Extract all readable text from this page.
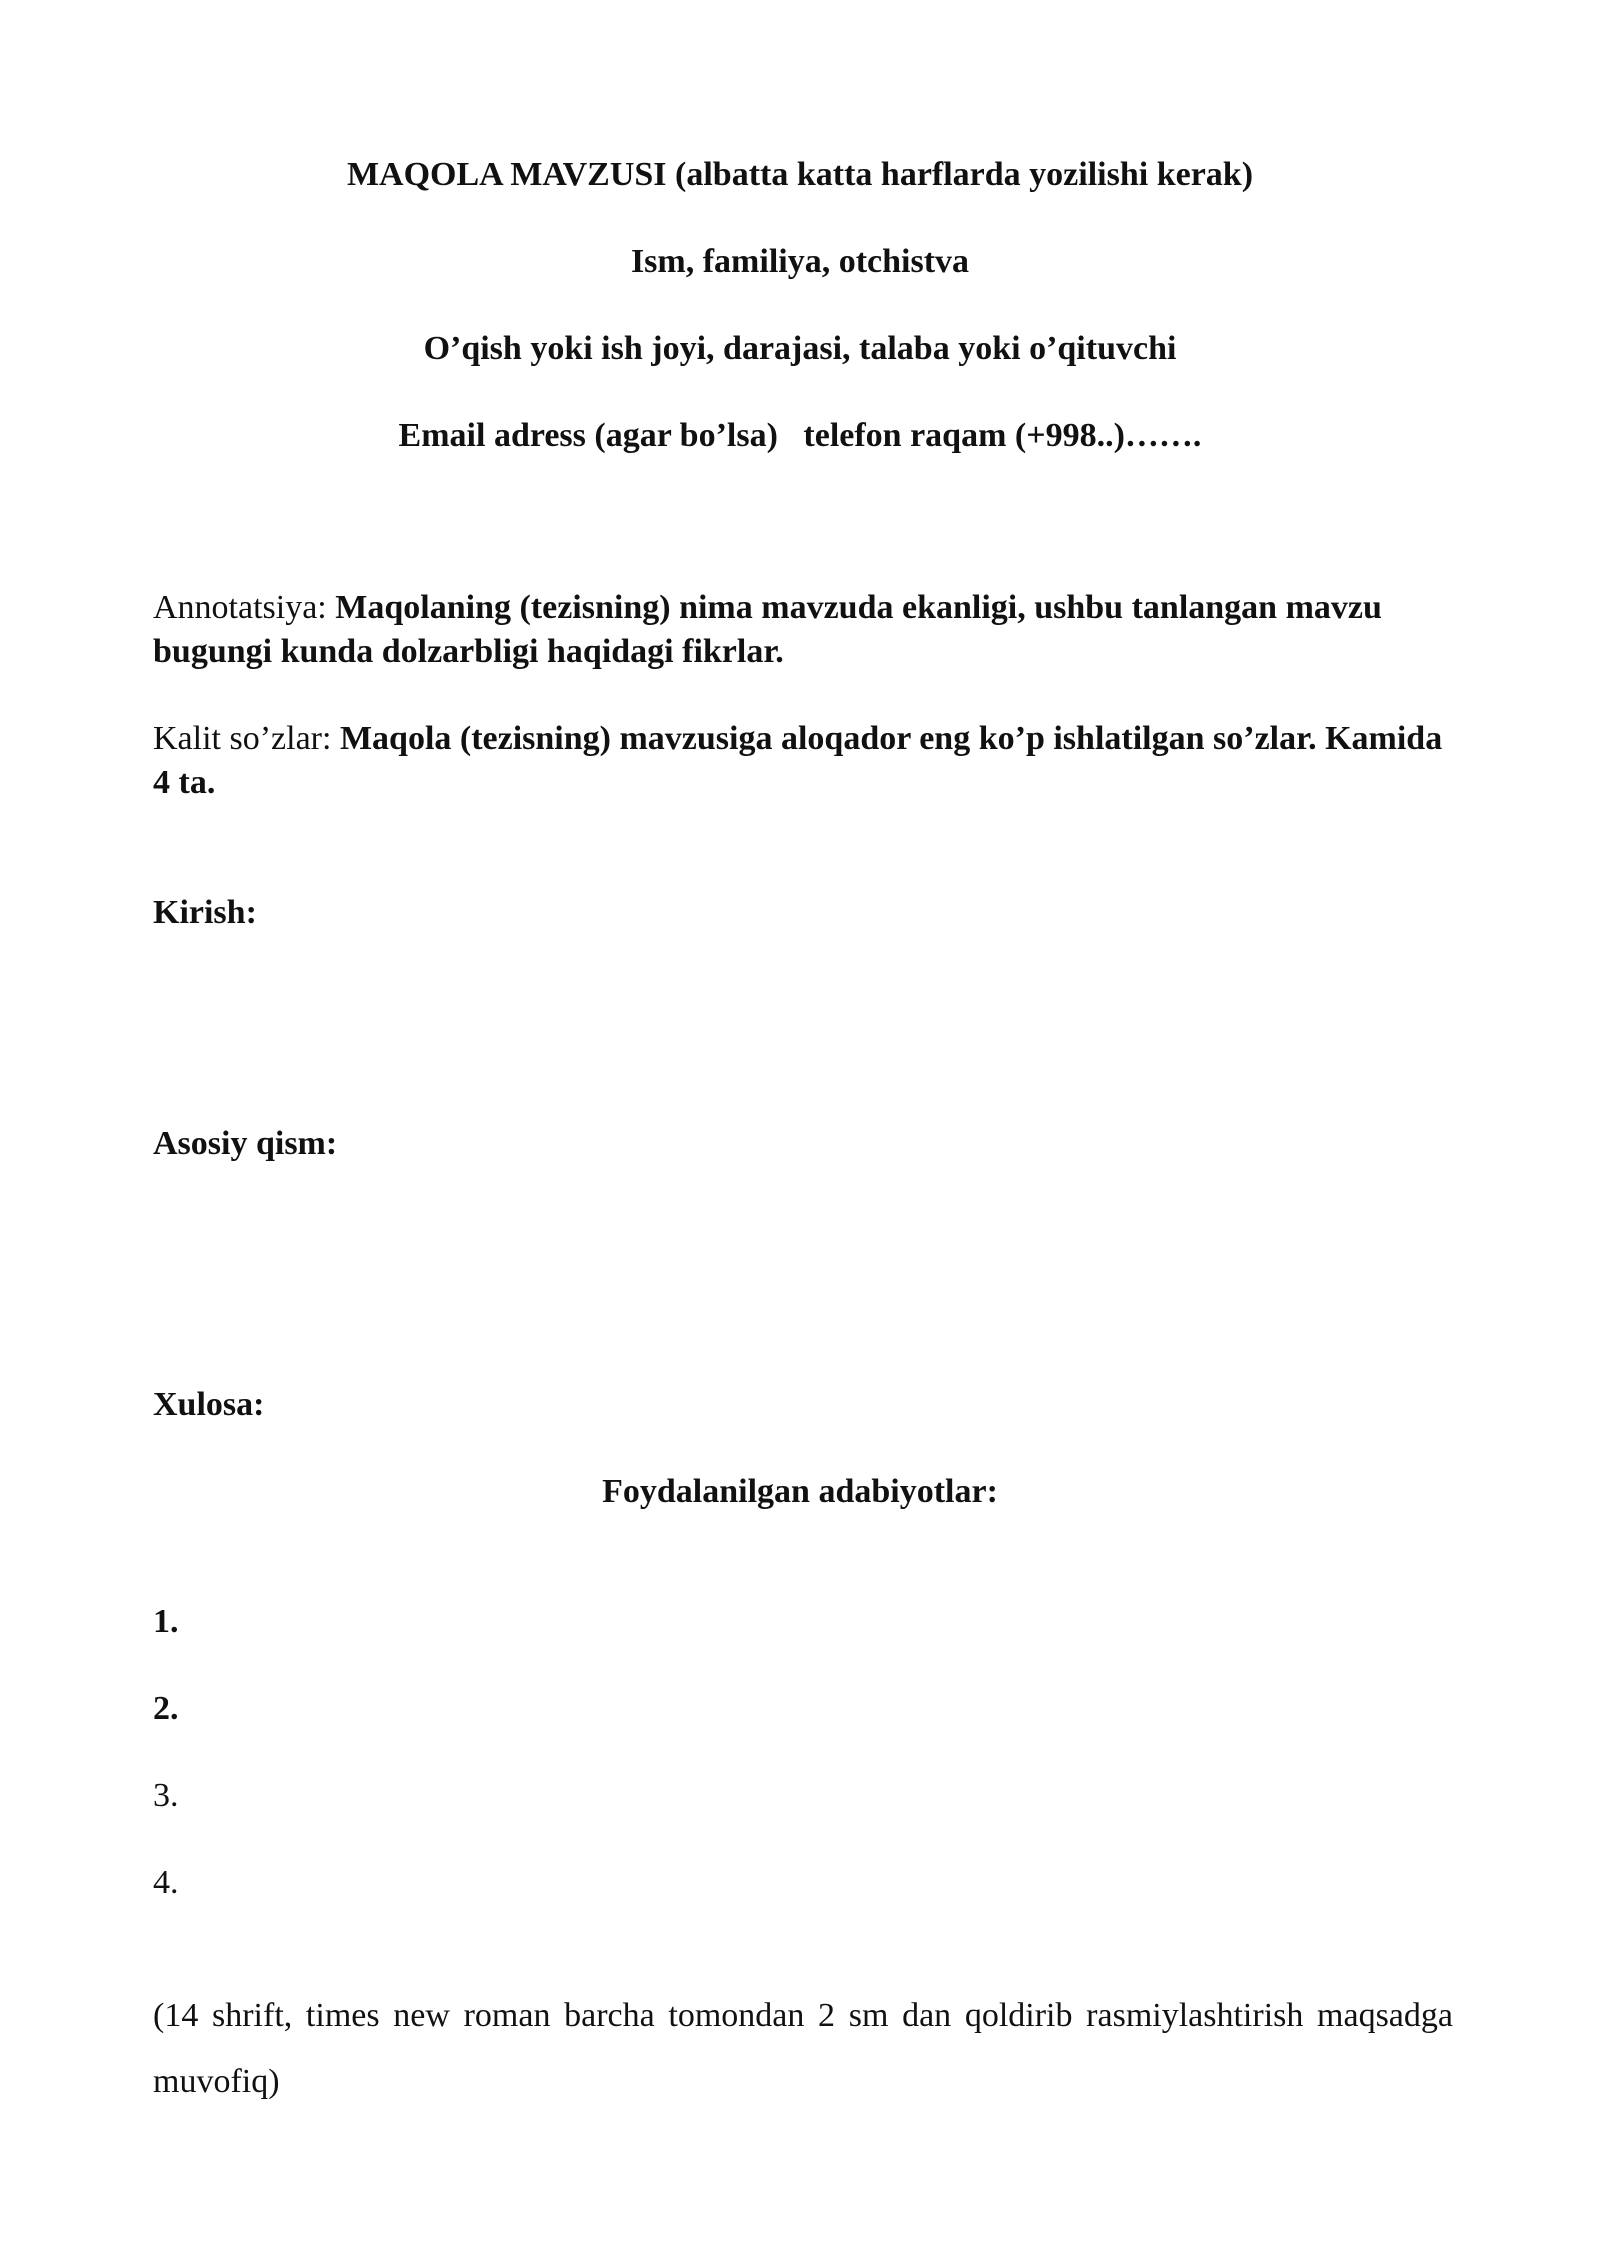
MAQOLA MAVZUSI (albatta katta harflarda yozilishi kerak)
Ism, familiya, otchistva
O’qish yoki ish joyi, darajasi, talaba yoki o’qituvchi
Email adress (agar bo’lsa)   telefon raqam (+998..)…….
Annotatsiya: Maqolaning (tezisning) nima mavzuda ekanligi, ushbu tanlangan mavzu bugungi kunda dolzarbligi haqidagi fikrlar.
Kalit so’zlar: Maqola (tezisning) mavzusiga aloqador eng ko’p ishlatilgan so’zlar. Kamida 4 ta.
Kirish:
Asosiy qism:
Xulosa:
Foydalanilgan adabiyotlar:
1.
2.
3.
4.
(14 shrift, times new roman barcha tomondan 2 sm dan qoldirib rasmiylashtirish maqsadga muvofiq)
